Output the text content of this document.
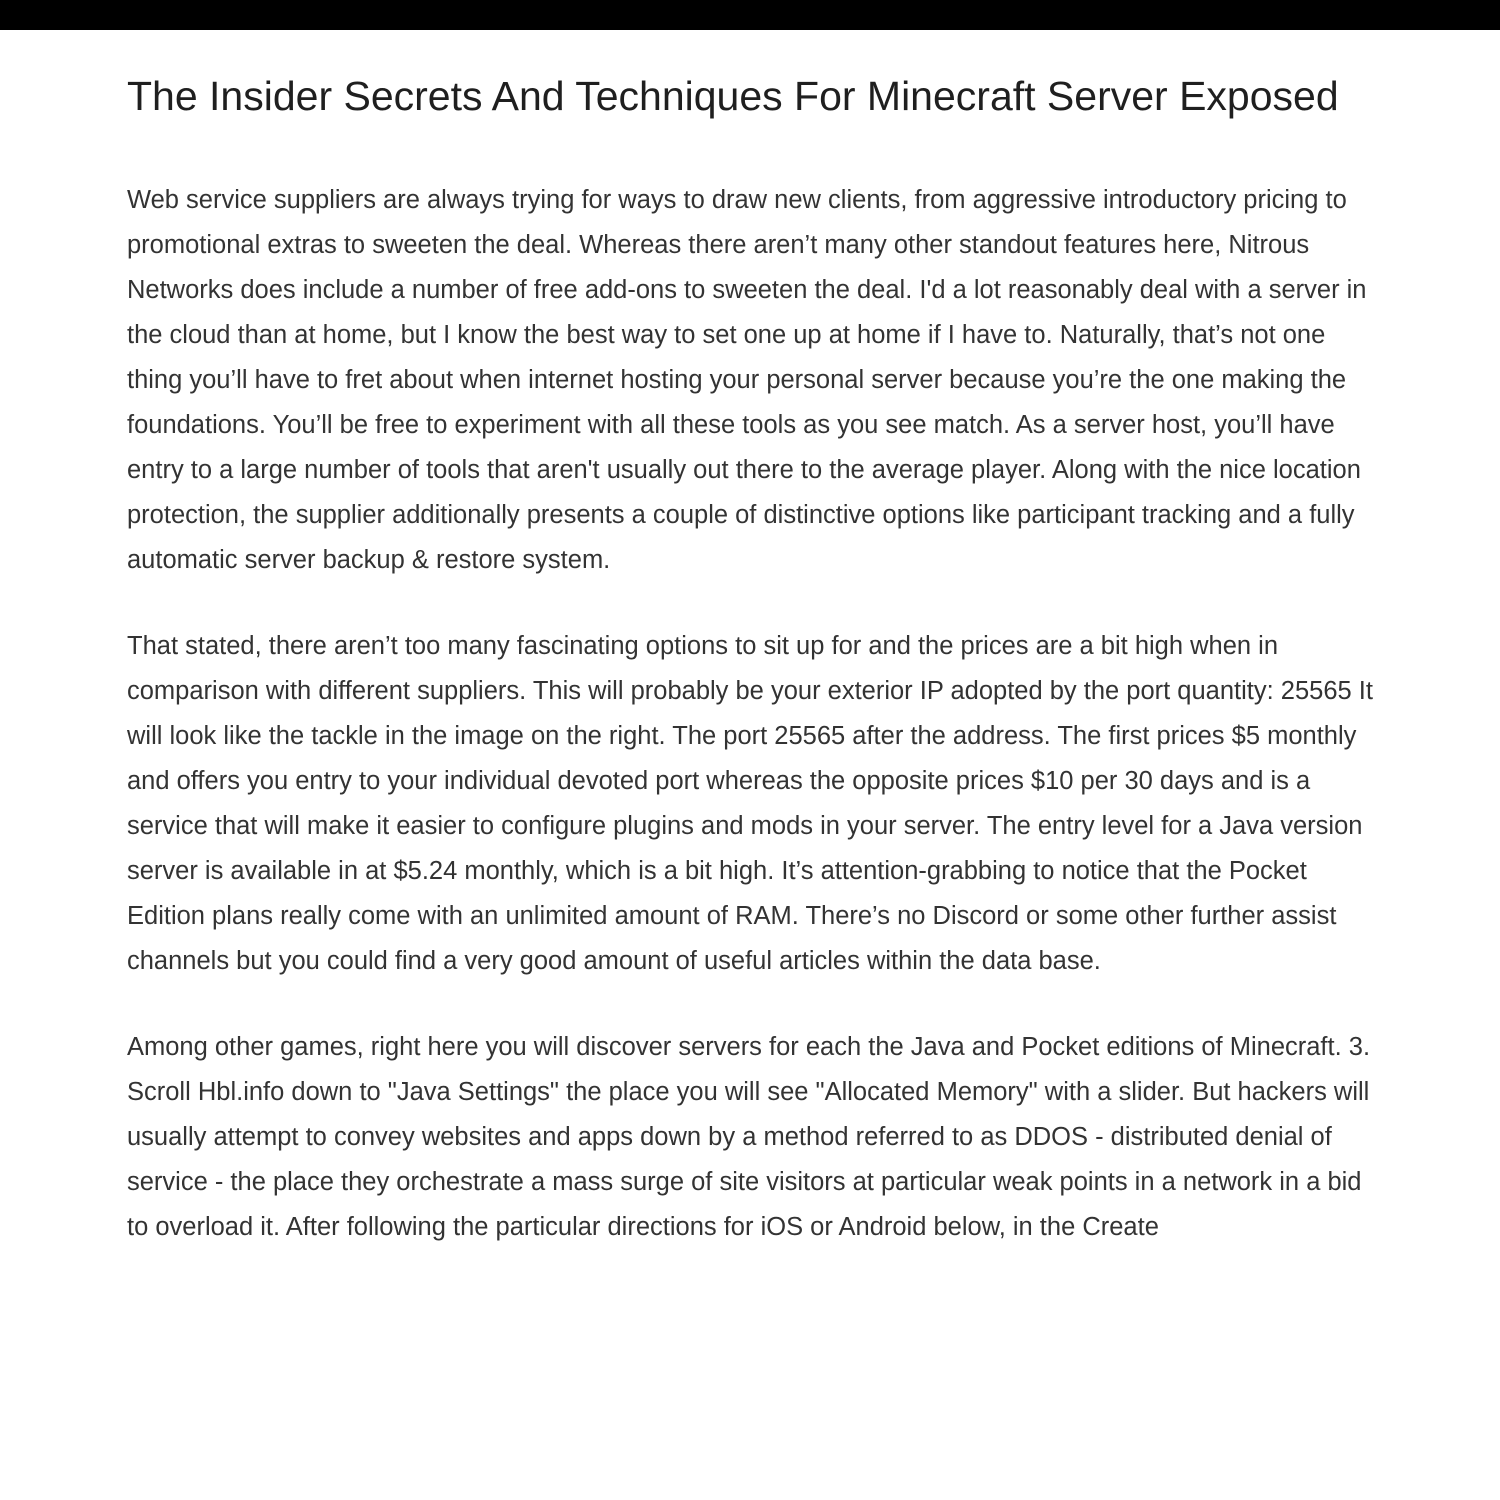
The Insider Secrets And Techniques For Minecraft Server Exposed

Web service suppliers are always trying for ways to draw new clients, from aggressive introductory pricing to promotional extras to sweeten the deal. Whereas there aren’t many other standout features here, Nitrous Networks does include a number of free add-ons to sweeten the deal. I'd a lot reasonably deal with a server in the cloud than at home, but I know the best way to set one up at home if I have to. Naturally, that’s not one thing you’ll have to fret about when internet hosting your personal server because you’re the one making the foundations. You’ll be free to experiment with all these tools as you see match. As a server host, you’ll have entry to a large number of tools that aren't usually out there to the average player. Along with the nice location protection, the supplier additionally presents a couple of distinctive options like participant tracking and a fully automatic server backup & restore system.

That stated, there aren’t too many fascinating options to sit up for and the prices are a bit high when in comparison with different suppliers. This will probably be your exterior IP adopted by the port quantity: 25565 It will look like the tackle in the image on the right. The port 25565 after the address. The first prices $5 monthly and offers you entry to your individual devoted port whereas the opposite prices $10 per 30 days and is a service that will make it easier to configure plugins and mods in your server. The entry level for a Java version server is available in at $5.24 monthly, which is a bit high. It’s attention-grabbing to notice that the Pocket Edition plans really come with an unlimited amount of RAM. There’s no Discord or some other further assist channels but you could find a very good amount of useful articles within the data base.

Among other games, right here you will discover servers for each the Java and Pocket editions of Minecraft. 3. Scroll Hbl.info down to "Java Settings" the place you will see "Allocated Memory" with a slider. But hackers will usually attempt to convey websites and apps down by a method referred to as DDOS - distributed denial of service - the place they orchestrate a mass surge of site visitors at particular weak points in a network in a bid to overload it. After following the particular directions for iOS or Android below, in the Create
